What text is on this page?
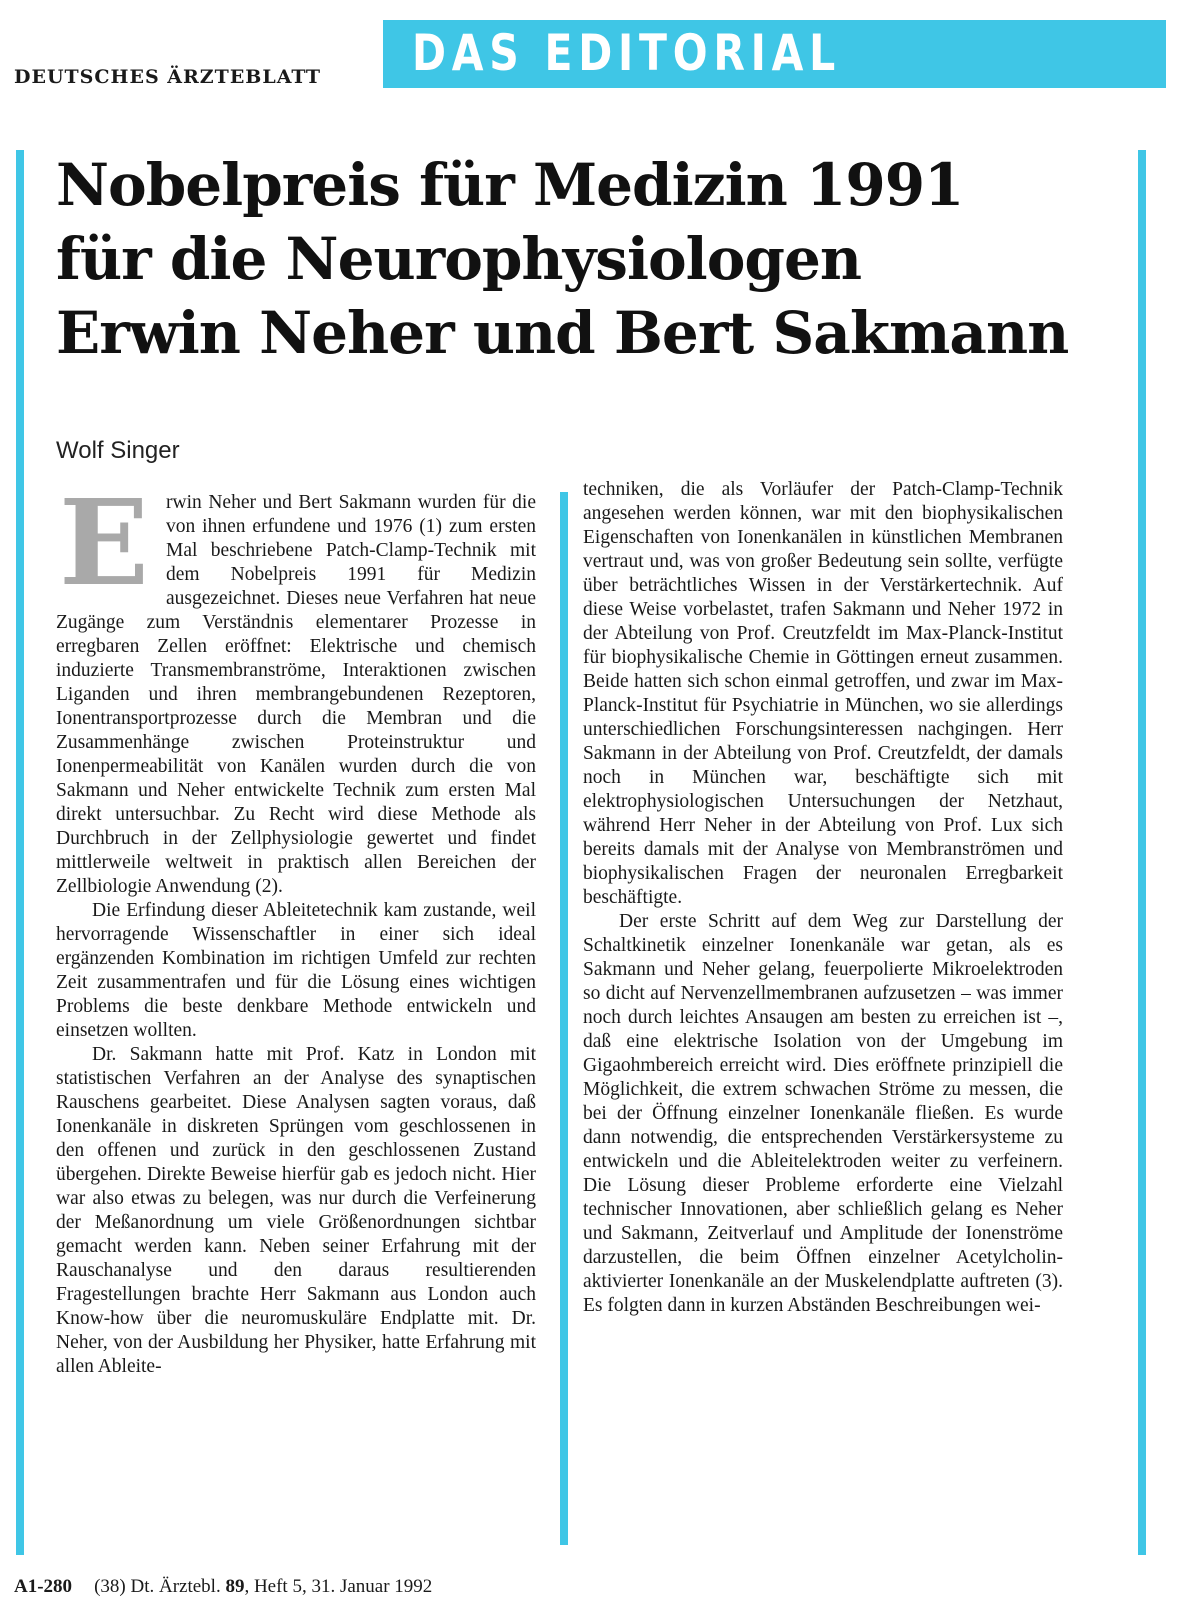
DEUTSCHES ÄRZTEBLATT DAS EDITORIAL
Nobelpreis für Medizin 1991
für die Neurophysiologen
Erwin Neher und Bert Sakmann
Wolf Singer

Erwin Neher und Bert Sakmann wurden für die von ihnen erfundene und 1976 (1) zum ersten Mal beschriebene Patch-Clamp-Technik mit dem Nobelpreis 1991 für Medizin ausgezeichnet. Dieses neue Verfahren hat neue Zugänge zum Verständnis elementarer Prozesse in erregbaren Zellen eröffnet: Elektrische und chemisch induzierte Transmembranströme, Interaktionen zwischen Liganden und ihren membrangebundenen Rezeptoren, Ionentransportprozesse durch die Membran und die Zusammenhänge zwischen Proteinstruktur und Ionenpermeabilität von Kanälen wurden durch die von Sakmann und Neher entwickelte Technik zum ersten Mal direkt untersuchbar. Zu Recht wird diese Methode als Durchbruch in der Zellphysiologie gewertet und findet mittlerweile weltweit in praktisch allen Bereichen der Zellbiologie Anwendung (2).

Die Erfindung dieser Ableitetechnik kam zustande, weil hervorragende Wissenschaftler in einer sich ideal ergänzenden Kombination im richtigen Umfeld zur rechten Zeit zusammentrafen und für die Lösung eines wichtigen Problems die beste denkbare Methode entwickeln und einsetzen wollten.

Dr. Sakmann hatte mit Prof. Katz in London mit statistischen Verfahren an der Analyse des synaptischen Rauschens gearbeitet. Diese Analysen sagten voraus, daß Ionenkanäle in diskreten Sprüngen vom geschlossenen in den offenen und zurück in den geschlossenen Zustand übergehen. Direkte Beweise hierfür gab es jedoch nicht. Hier war also etwas zu belegen, was nur durch die Verfeinerung der Meßanordnung um viele Größenordnungen sichtbar gemacht werden kann. Neben seiner Erfahrung mit der Rauschanalyse und den daraus resultierenden Fragestellungen brachte Herr Sakmann aus London auch Know-how über die neuromuskuläre Endplatte mit. Dr. Neher, von der Ausbildung her Physiker, hatte Erfahrung mit allen Ableite-

techniken, die als Vorläufer der Patch-Clamp-Technik angesehen werden können, war mit den biophysikalischen Eigenschaften von Ionenkanälen in künstlichen Membranen vertraut und, was von großer Bedeutung sein sollte, verfügte über beträchtliches Wissen in der Verstärkertechnik. Auf diese Weise vorbelastet, trafen Sakmann und Neher 1972 in der Abteilung von Prof. Creutzfeldt im Max-Planck-Institut für biophysikalische Chemie in Göttingen erneut zusammen. Beide hatten sich schon einmal getroffen, und zwar im Max-Planck-Institut für Psychiatrie in München, wo sie allerdings unterschiedlichen Forschungsinteressen nachgingen. Herr Sakmann in der Abteilung von Prof. Creutzfeldt, der damals noch in München war, beschäftigte sich mit elektrophysiologischen Untersuchungen der Netzhaut, während Herr Neher in der Abteilung von Prof. Lux sich bereits damals mit der Analyse von Membranströmen und biophysikalischen Fragen der neuronalen Erregbarkeit beschäftigte.

Der erste Schritt auf dem Weg zur Darstellung der Schaltkinetik einzelner Ionenkanäle war getan, als es Sakmann und Neher gelang, feuerpolierte Mikroelektroden so dicht auf Nervenzellmembranen aufzusetzen – was immer noch durch leichtes Ansaugen am besten zu erreichen ist –, daß eine elektrische Isolation von der Umgebung im Gigaohmbereich erreicht wird. Dies eröffnete prinzipiell die Möglichkeit, die extrem schwachen Ströme zu messen, die bei der Öffnung einzelner Ionenkanäle fließen. Es wurde dann notwendig, die entsprechenden Verstärkersysteme zu entwickeln und die Ableitelektroden weiter zu verfeinern. Die Lösung dieser Probleme erforderte eine Vielzahl technischer Innovationen, aber schließlich gelang es Neher und Sakmann, Zeitverlauf und Amplitude der Ionenströme darzustellen, die beim Öffnen einzelner Acetylcholin-aktivierter Ionenkanäle an der Muskelendplatte auftreten (3). Es folgten dann in kurzen Abständen Beschreibungen wei-

A1-280 (38) Dt. Ärztebl. 89, Heft 5, 31. Januar 1992
